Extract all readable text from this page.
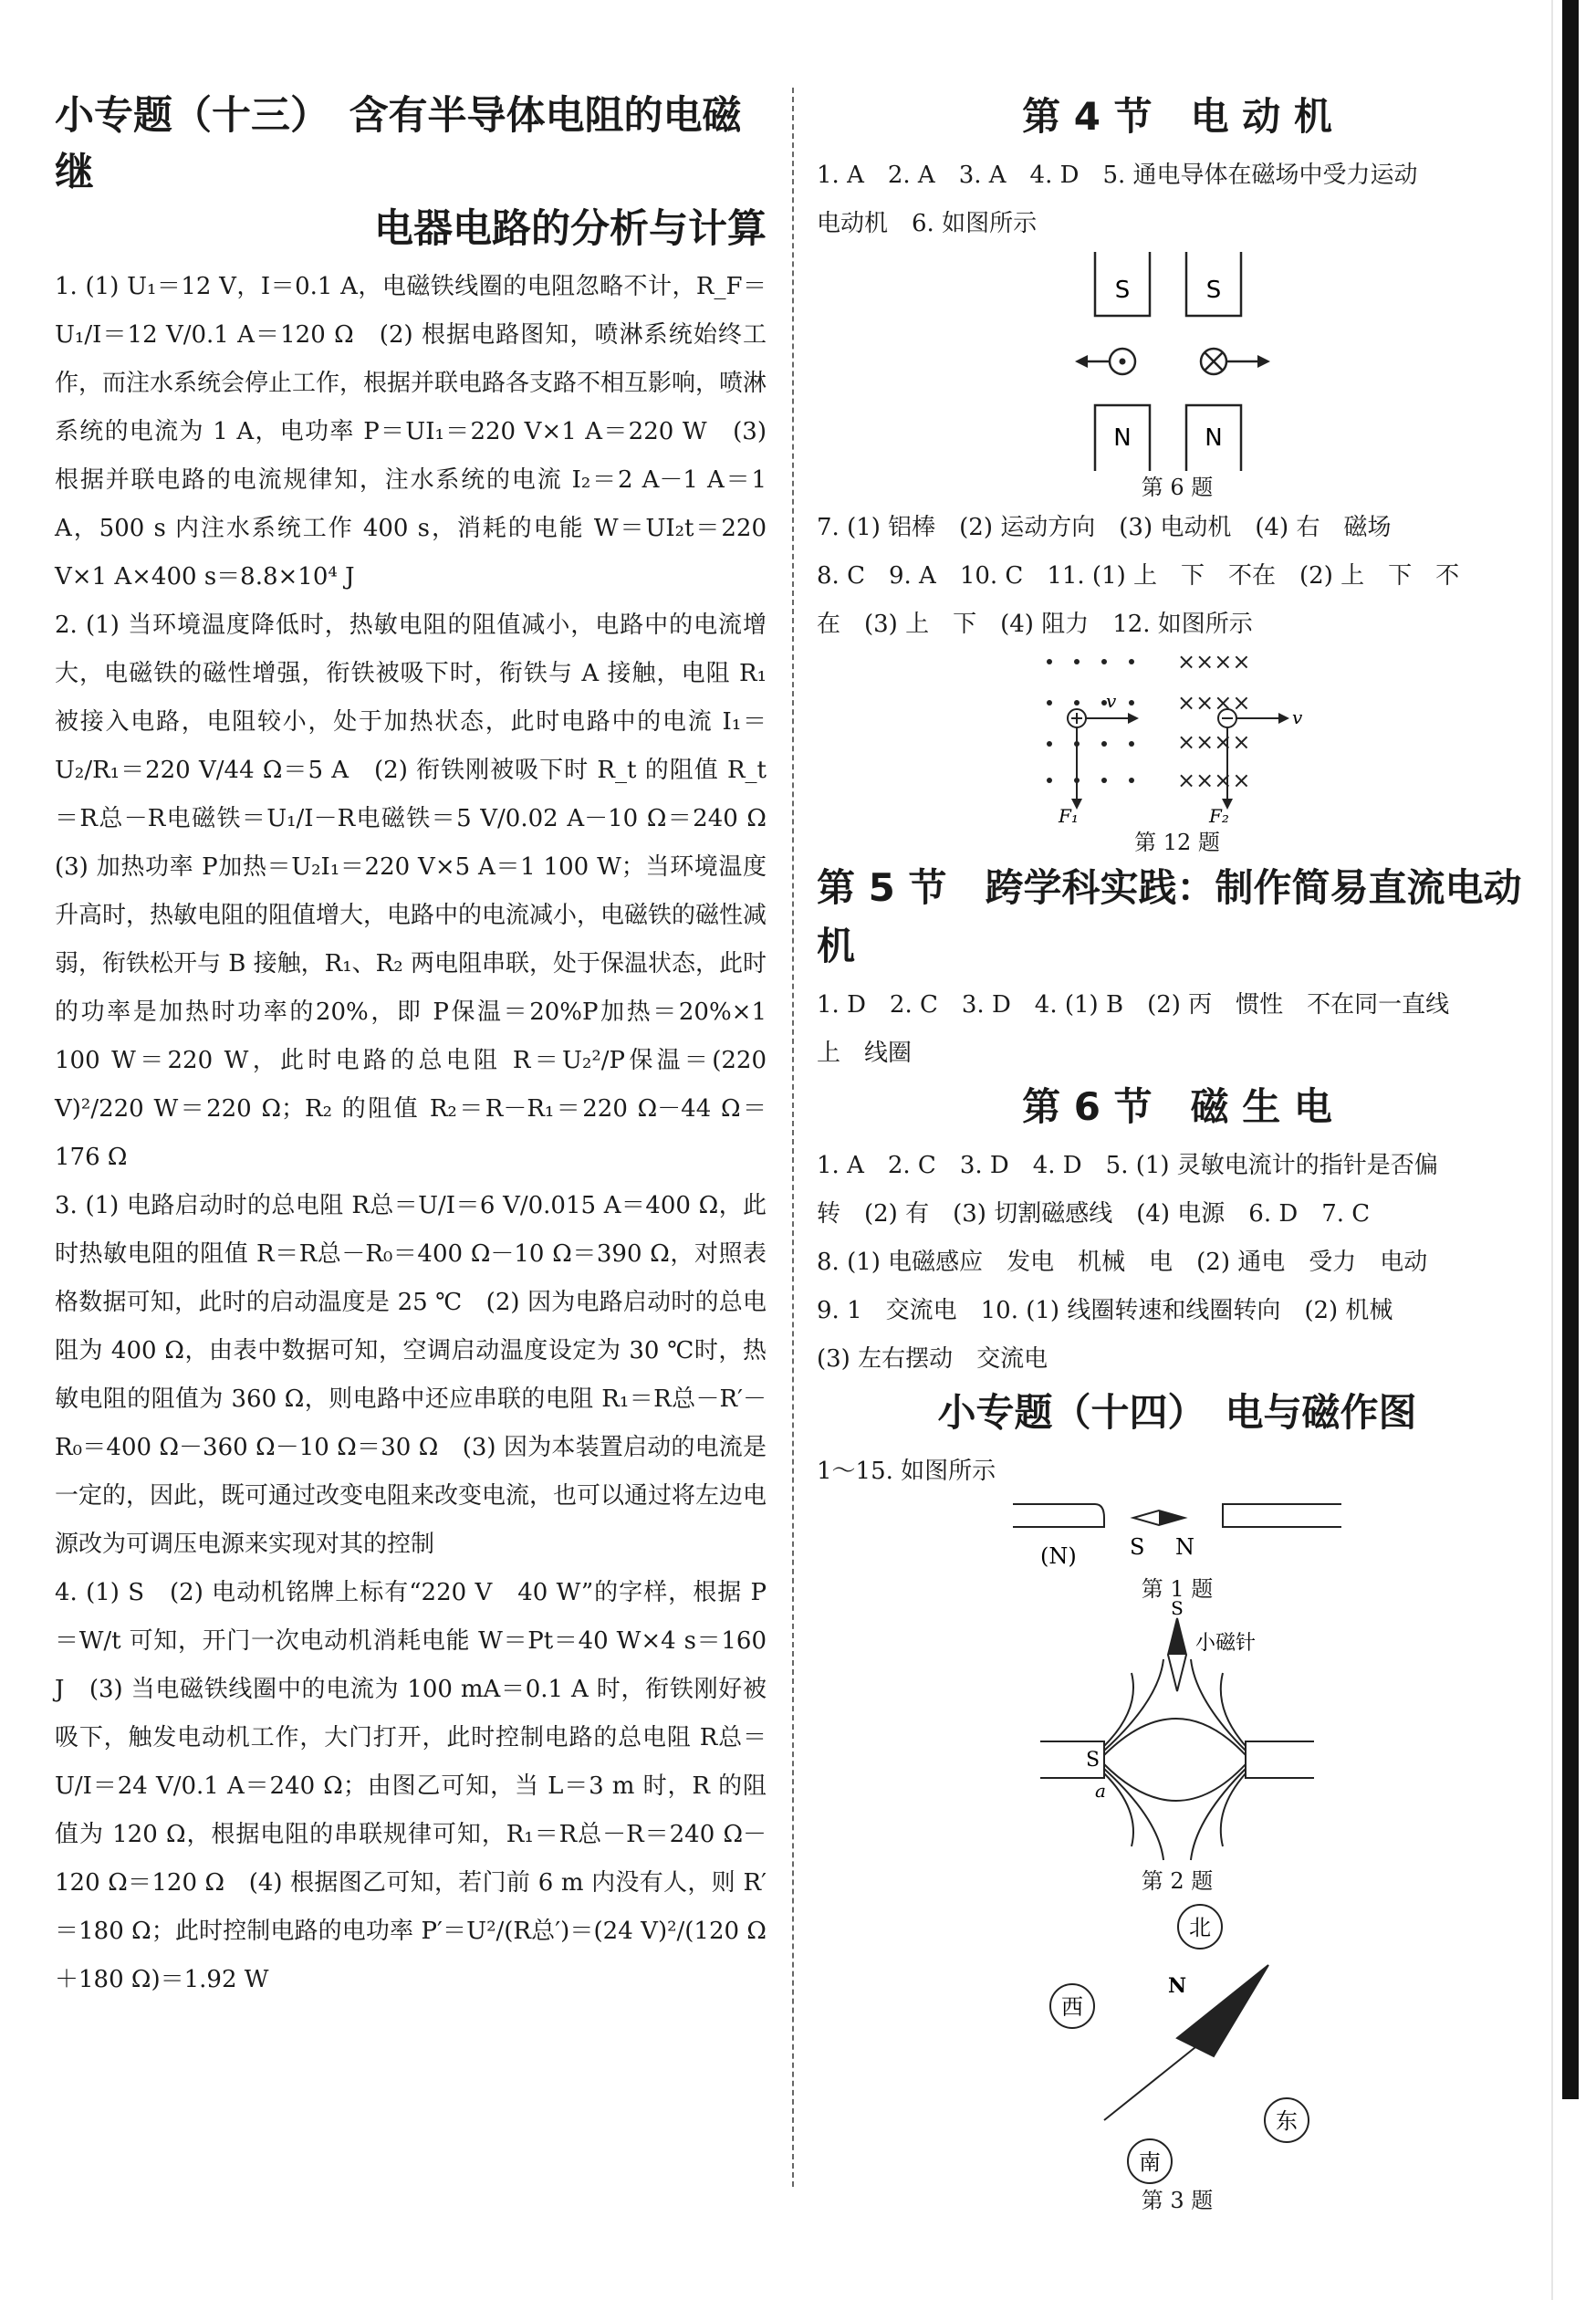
小专题（十三）　含有半导体电阻的电磁继
电器电路的分析与计算

1. (1) U₁＝12 V，I＝0.1 A，电磁铁线圈的电阻忽略不计，R_F＝U₁/I＝12 V/0.1 A＝120 Ω　(2) 根据电路图知，喷淋系统始终工作，而注水系统会停止工作，根据并联电路各支路不相互影响，喷淋系统的电流为 1 A，电功率 P＝UI₁＝220 V×1 A＝220 W　(3) 根据并联电路的电流规律知，注水系统的电流 I₂＝2 A－1 A＝1 A，500 s 内注水系统工作 400 s，消耗的电能 W＝UI₂t＝220 V×1 A×400 s＝8.8×10⁴ J

2. (1) 当环境温度降低时，热敏电阻的阻值减小，电路中的电流增大，电磁铁的磁性增强，衔铁被吸下时，衔铁与 A 接触，电阻 R₁ 被接入电路，电阻较小，处于加热状态，此时电路中的电流 I₁＝U₂/R₁＝220 V/44 Ω＝5 A　(2) 衔铁刚被吸下时 R_t 的阻值 R_t＝R总－R电磁铁＝U₁/I－R电磁铁＝5 V/0.02 A－10 Ω＝240 Ω　(3) 加热功率 P加热＝U₂I₁＝220 V×5 A＝1 100 W；当环境温度升高时，热敏电阻的阻值增大，电路中的电流减小，电磁铁的磁性减弱，衔铁松开与 B 接触，R₁、R₂ 两电阻串联，处于保温状态，此时的功率是加热时功率的20%，即 P保温＝20%P加热＝20%×1 100 W＝220 W，此时电路的总电阻 R＝U₂²/P保温＝(220 V)²/220 W＝220 Ω；R₂ 的阻值 R₂＝R－R₁＝220 Ω－44 Ω＝176 Ω

3. (1) 电路启动时的总电阻 R总＝U/I＝6 V/0.015 A＝400 Ω，此时热敏电阻的阻值 R＝R总－R₀＝400 Ω－10 Ω＝390 Ω，对照表格数据可知，此时的启动温度是 25 ℃　(2) 因为电路启动时的总电阻为 400 Ω，由表中数据可知，空调启动温度设定为 30 ℃时，热敏电阻的阻值为 360 Ω，则电路中还应串联的电阻 R₁＝R总－R′－R₀＝400 Ω－360 Ω－10 Ω＝30 Ω　(3) 因为本装置启动的电流是一定的，因此，既可通过改变电阻来改变电流，也可以通过将左边电源改为可调压电源来实现对其的控制

4. (1) S　(2) 电动机铭牌上标有“220 V　40 W”的字样，根据 P＝W/t 可知，开门一次电动机消耗电能 W＝Pt＝40 W×4 s＝160 J　(3) 当电磁铁线圈中的电流为 100 mA＝0.1 A 时，衔铁刚好被吸下，触发电动机工作，大门打开，此时控制电路的总电阻 R总＝U/I＝24 V/0.1 A＝240 Ω；由图乙可知，当 L＝3 m 时，R 的阻值为 120 Ω，根据电阻的串联规律可知，R₁＝R总－R＝240 Ω－120 Ω＝120 Ω　(4) 根据图乙可知，若门前 6 m 内没有人，则 R′＝180 Ω；此时控制电路的电功率 P′＝U²/(R总′)＝(24 V)²/(120 Ω＋180 Ω)＝1.92 W

第 4 节　电 动 机

1. A　2. A　3. A　4. D　5. 通电导体在磁场中受力运动

电动机　6. 如图所示

S	S
N	N

第 6 题

7. (1) 铝棒　(2) 运动方向　(3) 电动机　(4) 右　磁场

8. C　9. A　10. C　11. (1) 上　下　不在　(2) 上　下　不

在　(3) 上　下　(4) 阻力　12. 如图所示

××××
××××
××××
××××
v
v
F₁	F₂

第 12 题

第 5 节　跨学科实践：制作简易直流电动机

1. D　2. C　3. D　4. (1) B　(2) 丙　惯性　不在同一直线

上　线圈

第 6 节　磁 生 电

1. A　2. C　3. D　4. D　5. (1) 灵敏电流计的指针是否偏

转　(2) 有　(3) 切割磁感线　(4) 电源　6. D　7. C

8. (1) 电磁感应　发电　机械　电　(2) 通电　受力　电动

9. 1　交流电　10. (1) 线圈转速和线圈转向　(2) 机械

(3) 左右摆动　交流电

小专题（十四）　电与磁作图

1～15. 如图所示

(N) S N

第 1 题

S
小磁针
S
a

第 2 题

北
西
东
南
N

第 3 题
